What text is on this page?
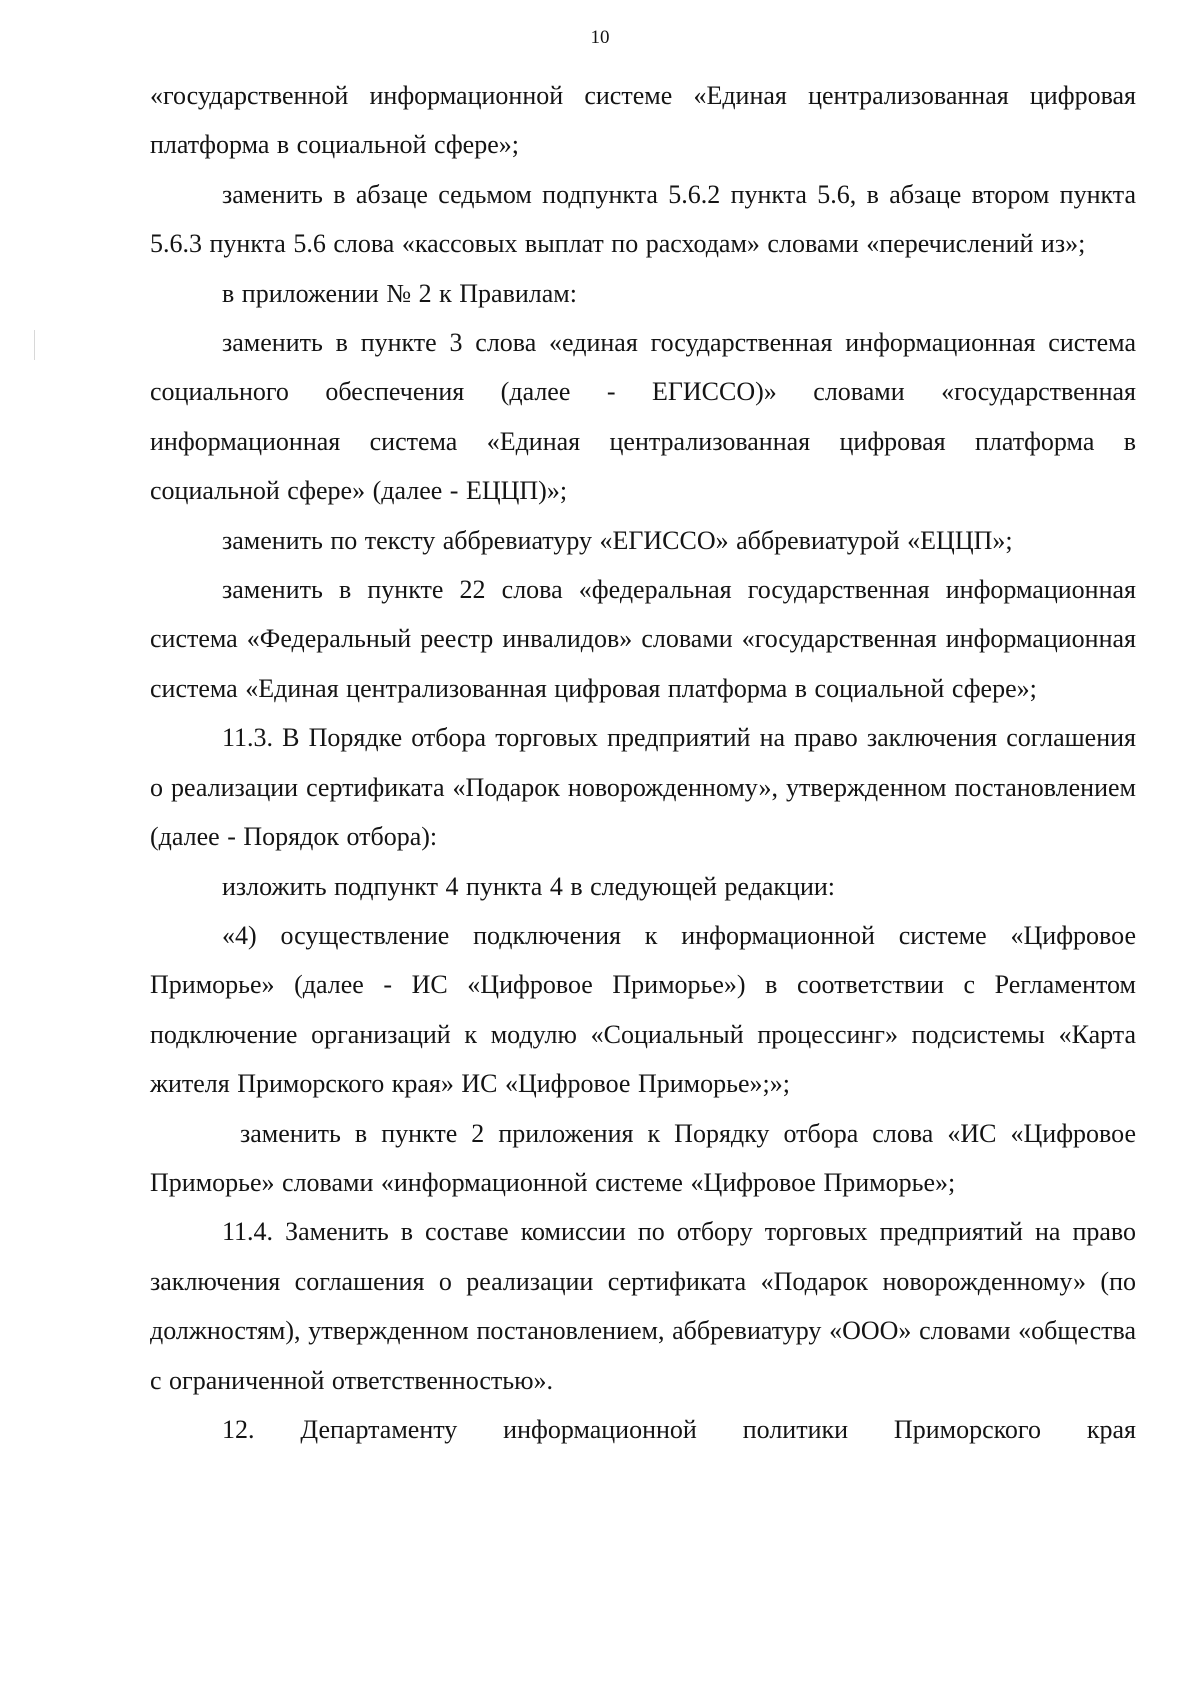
10

«государственной информационной системе «Единая централизованная цифровая платформа в социальной сфере»;

заменить в абзаце седьмом подпункта 5.6.2 пункта 5.6, в абзаце втором пункта 5.6.3 пункта 5.6 слова «кассовых выплат по расходам» словами «перечислений из»;

в приложении № 2 к Правилам:

заменить в пункте 3 слова «единая государственная информационная система социального обеспечения (далее - ЕГИССО)» словами «государственная информационная система «Единая централизованная цифровая платформа в социальной сфере» (далее - ЕЦЦП)»;

заменить по тексту аббревиатуру «ЕГИССО» аббревиатурой «ЕЦЦП»;

заменить в пункте 22 слова «федеральная государственная информационная система «Федеральный реестр инвалидов» словами «государственная информационная система «Единая централизованная цифровая платформа в социальной сфере»;

11.3. В Порядке отбора торговых предприятий на право заключения соглашения о реализации сертификата «Подарок новорожденному», утвержденном постановлением (далее - Порядок отбора):

изложить подпункт 4 пункта 4 в следующей редакции:

«4) осуществление подключения к информационной системе «Цифровое Приморье» (далее - ИС «Цифровое Приморье») в соответствии с Регламентом подключение организаций к модулю «Социальный процессинг» подсистемы «Карта жителя Приморского края» ИС «Цифровое Приморье»;»;

заменить в пункте 2 приложения к Порядку отбора слова «ИС «Цифровое Приморье» словами «информационной системе «Цифровое Приморье»;

11.4. Заменить в составе комиссии по отбору торговых предприятий на право заключения соглашения о реализации сертификата «Подарок новорожденному» (по должностям), утвержденном постановлением, аббревиатуру «ООО» словами «общества с ограниченной ответственностью».

12. Департаменту информационной политики Приморского края
